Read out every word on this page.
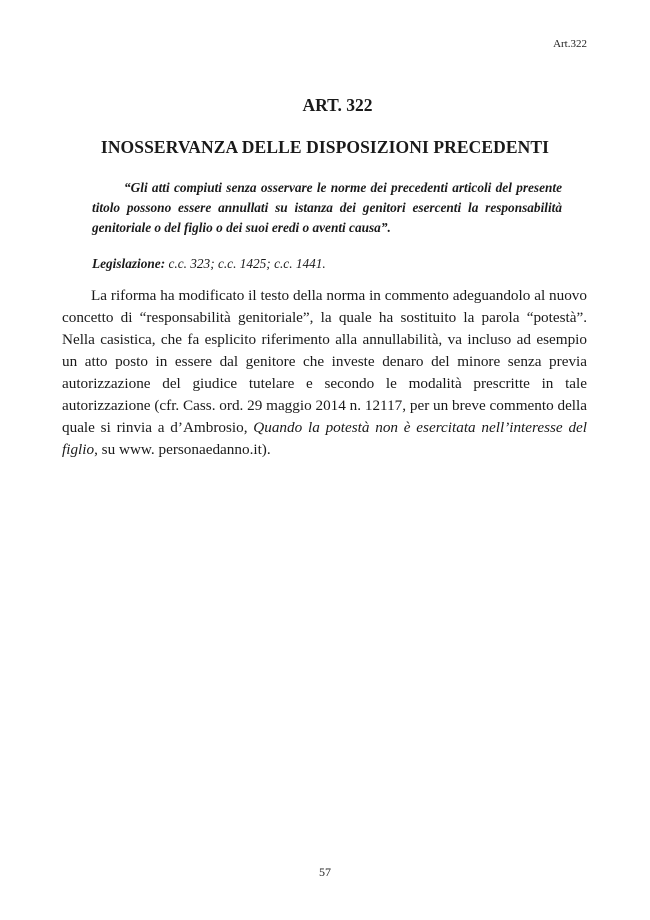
Art.322
ART. 322
INOSSERVANZA DELLE DISPOSIZIONI PRECEDENTI

“Gli atti compiuti senza osservare le norme dei precedenti articoli del presente titolo possono essere annullati su istanza dei genitori esercenti la responsabilità genitoriale o del figlio o dei suoi eredi o aventi causa”.

Legislazione: c.c. 323; c.c. 1425; c.c. 1441.

La riforma ha modificato il testo della norma in commento adeguandolo al nuovo concetto di “responsabilità genitoriale”, la quale ha sostituito la parola “potestà”. Nella casistica, che fa esplicito riferimento alla annullabilità, va incluso ad esempio un atto posto in essere dal genitore che investe denaro del minore senza previa autorizzazione del giudice tutelare e secondo le modalità prescritte in tale autorizzazione (cfr. Cass. ord. 29 maggio 2014 n. 12117, per un breve commento della quale si rinvia a d’Ambrosio, Quando la potestà non è esercitata nell’interesse del figlio, su www. personaedanno.it).

57
